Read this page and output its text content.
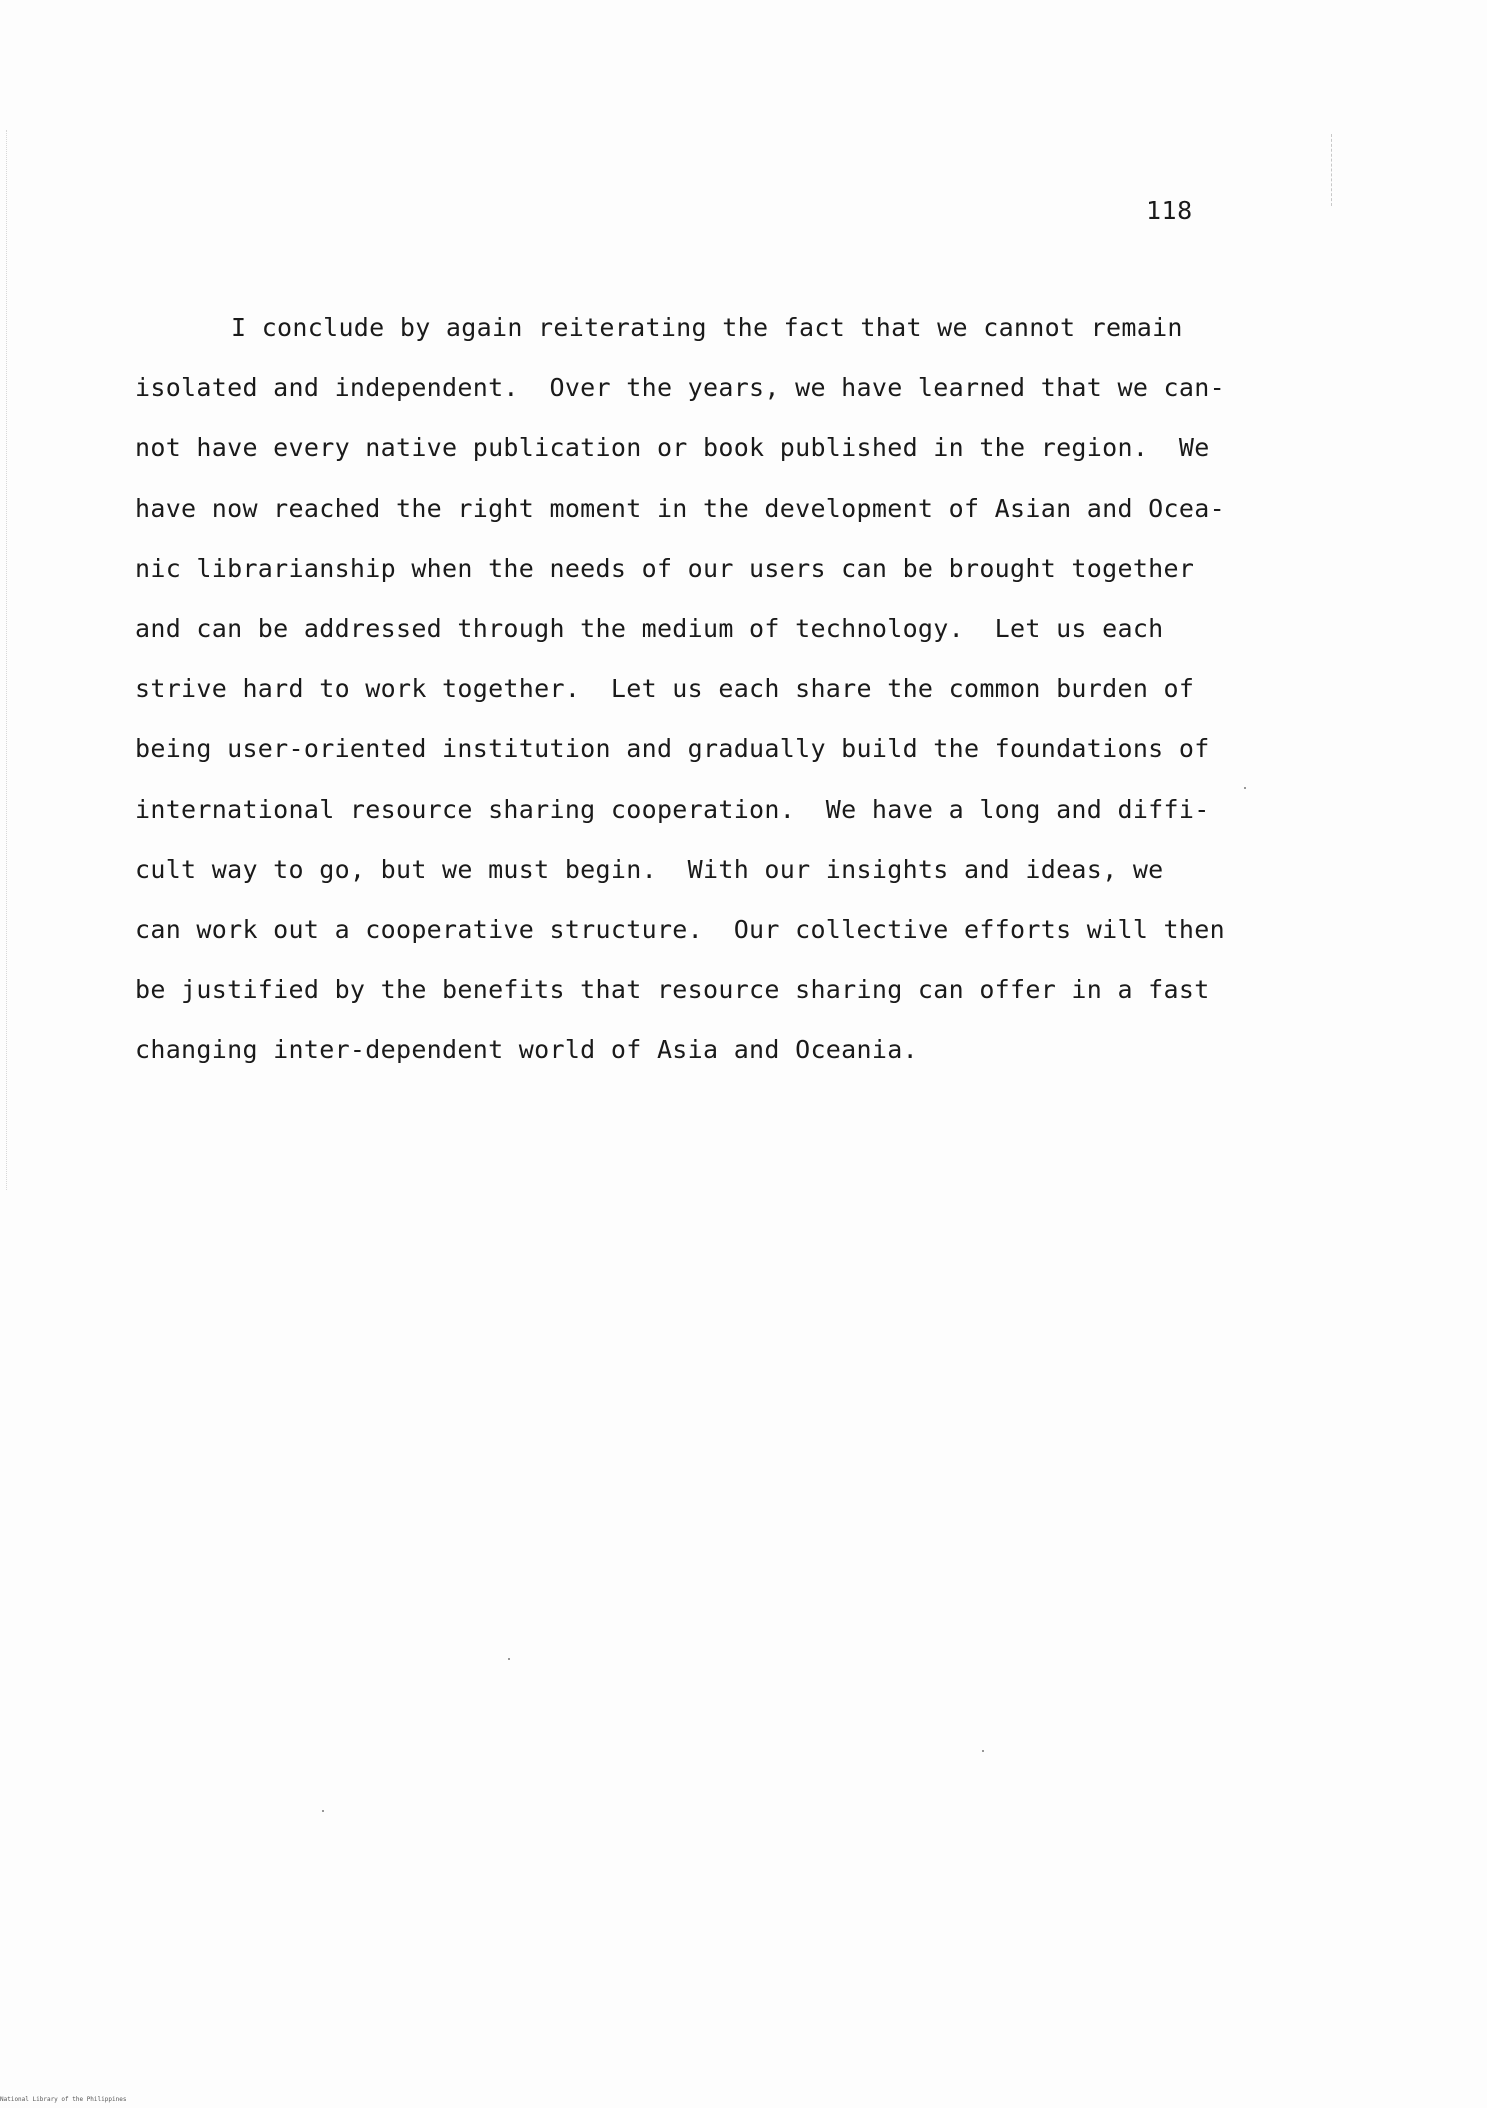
118
I conclude by again reiterating the fact that we cannot remain
isolated and independent.  Over the years, we have learned that we can-
not have every native publication or book published in the region.  We
have now reached the right moment in the development of Asian and Ocea-
nic librarianship when the needs of our users can be brought together
and can be addressed through the medium of technology.  Let us each
strive hard to work together.  Let us each share the common burden of
being user-oriented institution and gradually build the foundations of
international resource sharing cooperation.  We have a long and diffi-
cult way to go, but we must begin.  With our insights and ideas, we
can work out a cooperative structure.  Our collective efforts will then
be justified by the benefits that resource sharing can offer in a fast
changing inter-dependent world of Asia and Oceania.
National Library of the Philippines
